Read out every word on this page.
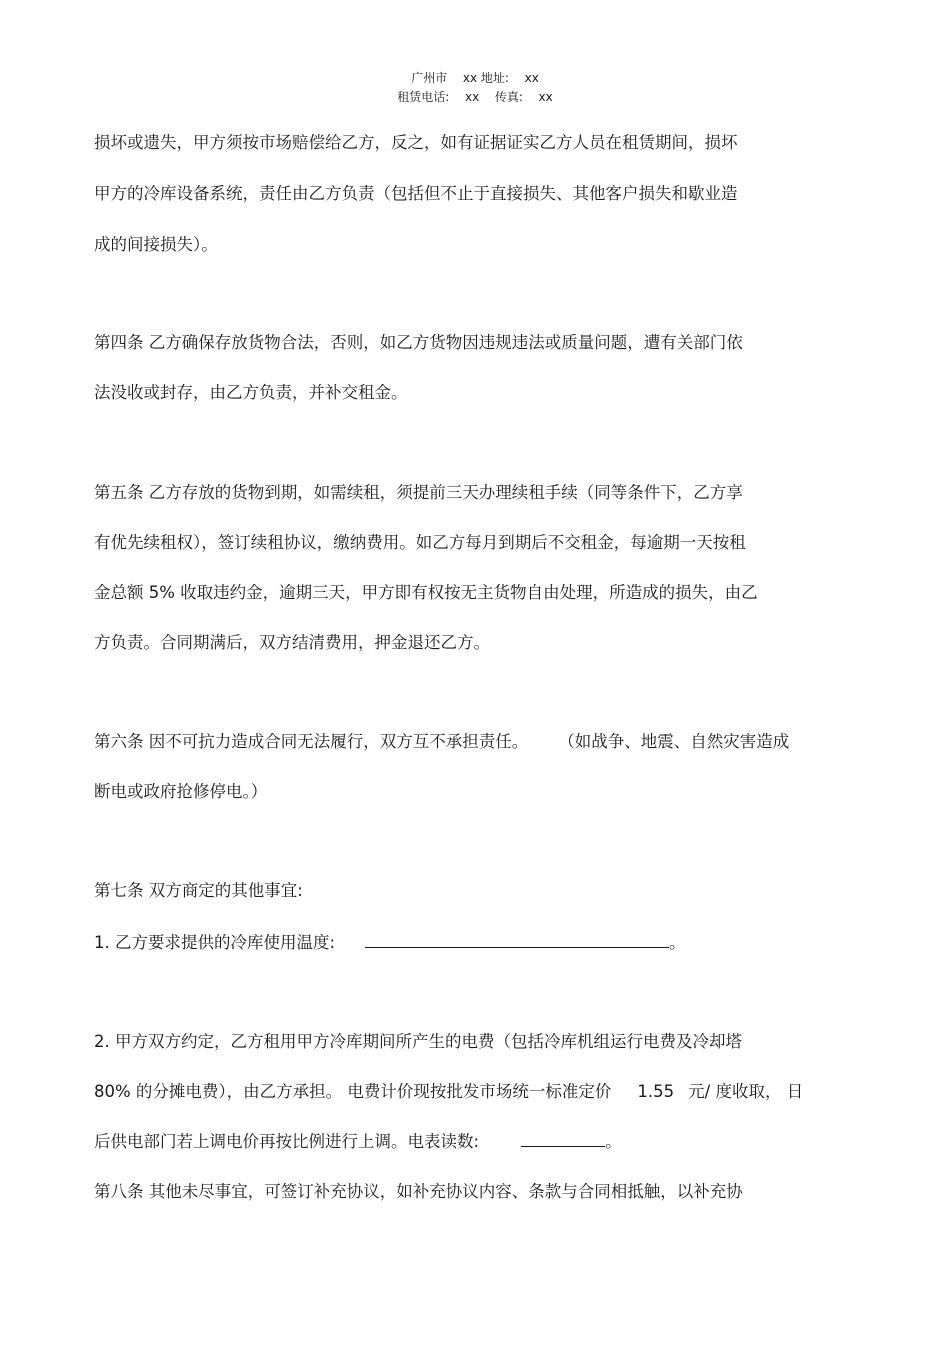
广州市 xx 地址: xx
租赁电话: xx 传真: xx
损坏或遗失，甲方须按市场赔偿给乙方，反之，如有证据证实乙方人员在租赁期间，损坏
甲方的冷库设备系统，责任由乙方负责（包括但不止于直接损失、其他客户损失和歇业造
成的间接损失）。
第四条 乙方确保存放货物合法，否则，如乙方货物因违规违法或质量问题，遭有关部门依
法没收或封存，由乙方负责，并补交租金。
第五条 乙方存放的货物到期，如需续租，须提前三天办理续租手续（同等条件下，乙方享
有优先续租权），签订续租协议，缴纳费用。如乙方每月到期后不交租金，每逾期一天按租
金总额 5% 收取违约金，逾期三天，甲方即有权按无主货物自由处理，所造成的损失，由乙
方负责。合同期满后，双方结清费用，押金退还乙方。
第六条 因不可抗力造成合同无法履行，双方互不承担责任。 （如战争、地震、自然灾害造成
断电或政府抢修停电。）
第七条 双方商定的其他事宜:
1. 乙方要求提供的冷库使用温度:	。
2. 甲方双方约定，乙方租用甲方冷库期间所产生的电费（包括冷库机组运行电费及冷却塔
80% 的分摊电费），由乙方承担。 电费计价现按批发市场统一标准定价 1.55 元/ 度收取， 日
后供电部门若上调电价再按比例进行上调。电表读数:	。
第八条 其他未尽事宜，可签订补充协议，如补充协议内容、条款与合同相抵触，以补充协
